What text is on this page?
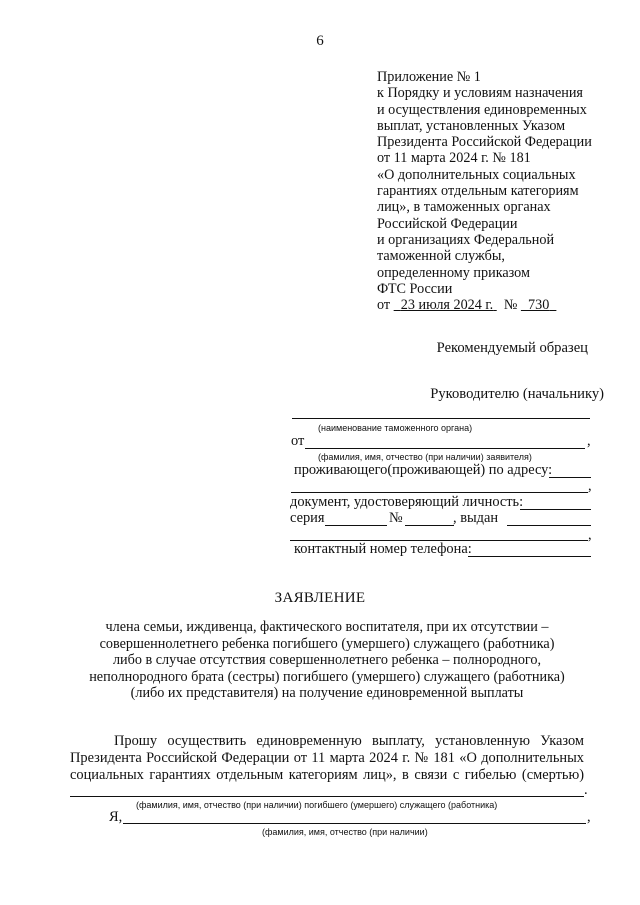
6
Приложение № 1
к Порядку и условиям назначения
и осуществления единовременных
выплат, установленных Указом
Президента Российской Федерации
от 11 марта 2024 г. № 181
«О дополнительных социальных
гарантиях отдельным категориям
лиц», в таможенных органах
Российской Федерации
и организациях Федеральной
таможенной службы,
определенному приказом
ФТС России
от 23 июля 2024 г. № 730
Рекомендуемый образец
Руководителю (начальнику)
(наименование таможенного органа)
от	,
(фамилия, имя, отчество (при наличии) заявителя)
проживающего(проживающей) по адресу:
,
документ, удостоверяющий личность:
серия	№	, выдан
,
контактный номер телефона:
ЗАЯВЛЕНИЕ
члена семьи, иждивенца, фактического воспитателя, при их отсутствии –
совершеннолетнего ребенка погибшего (умершего) служащего (работника)
либо в случае отсутствия совершеннолетнего ребенка – полнородного,
неполнородного брата (сестры) погибшего (умершего) служащего (работника)
(либо их представителя) на получение единовременной выплаты
Прошу осуществить единовременную выплату, установленную Указом
Президента Российской Федерации от 11 марта 2024 г. № 181 «О дополнительных
социальных гарантиях отдельным категориям лиц», в связи с гибелью (смертью)
.
(фамилия, имя, отчество (при наличии) погибшего (умершего) служащего (работника)
Я,	,
(фамилия, имя, отчество (при наличии)
